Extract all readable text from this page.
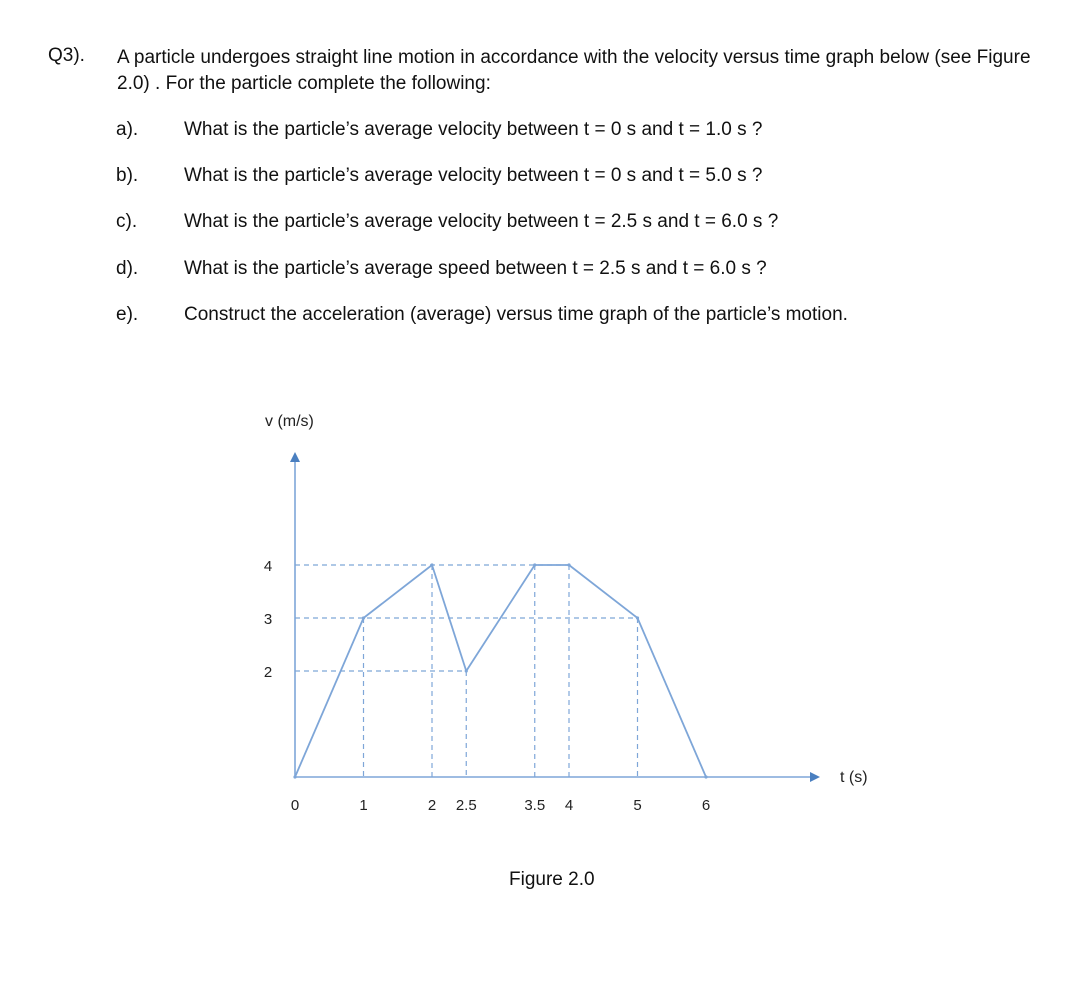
Q3). A particle undergoes straight line motion in accordance with the velocity versus time graph below (see Figure 2.0) . For the particle complete the following:
a). What is the particle’s average velocity between t = 0 s and t = 1.0 s ?
b). What is the particle’s average velocity between t = 0 s and t = 5.0 s ?
c). What is the particle’s average velocity between t = 2.5 s and t = 6.0 s ?
d). What is the particle’s average speed between t = 2.5 s and t = 6.0 s ?
e). Construct the acceleration (average) versus time graph of the particle’s motion.
v (m/s)
t (s)
2
3
4
0	1	2 2.5	3.5 4	5	6
Figure 2.0
